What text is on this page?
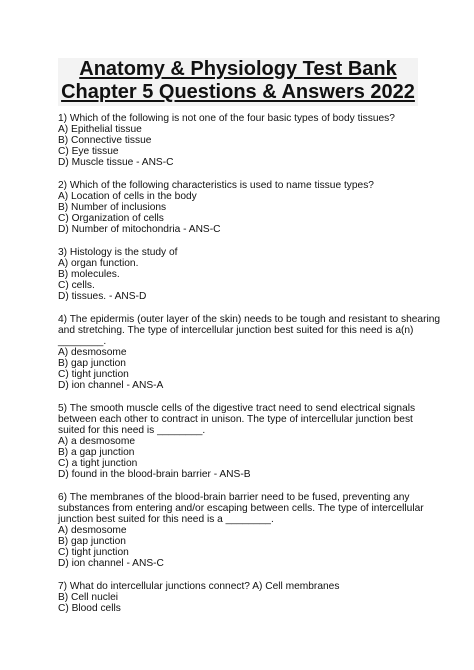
Anatomy & Physiology Test Bank
Chapter 5 Questions & Answers 2022
1) Which of the following is not one of the four basic types of body tissues?
A) Epithelial tissue
B) Connective tissue
C) Eye tissue
D) Muscle tissue - ANS-C
2) Which of the following characteristics is used to name tissue types?
A) Location of cells in the body
B) Number of inclusions
C) Organization of cells
D) Number of mitochondria - ANS-C
3) Histology is the study of
A) organ function.
B) molecules.
C) cells.
D) tissues. - ANS-D
4) The epidermis (outer layer of the skin) needs to be tough and resistant to shearing
and stretching. The type of intercellular junction best suited for this need is a(n)
________.
A) desmosome
B) gap junction
C) tight junction
D) ion channel - ANS-A
5) The smooth muscle cells of the digestive tract need to send electrical signals
between each other to contract in unison. The type of intercellular junction best
suited for this need is ________.
A) a desmosome
B) a gap junction
C) a tight junction
D) found in the blood-brain barrier - ANS-B
6) The membranes of the blood-brain barrier need to be fused, preventing any
substances from entering and/or escaping between cells. The type of intercellular
junction best suited for this need is a ________.
A) desmosome
B) gap junction
C) tight junction
D) ion channel - ANS-C
7) What do intercellular junctions connect? A) Cell membranes
B) Cell nuclei
C) Blood cells
